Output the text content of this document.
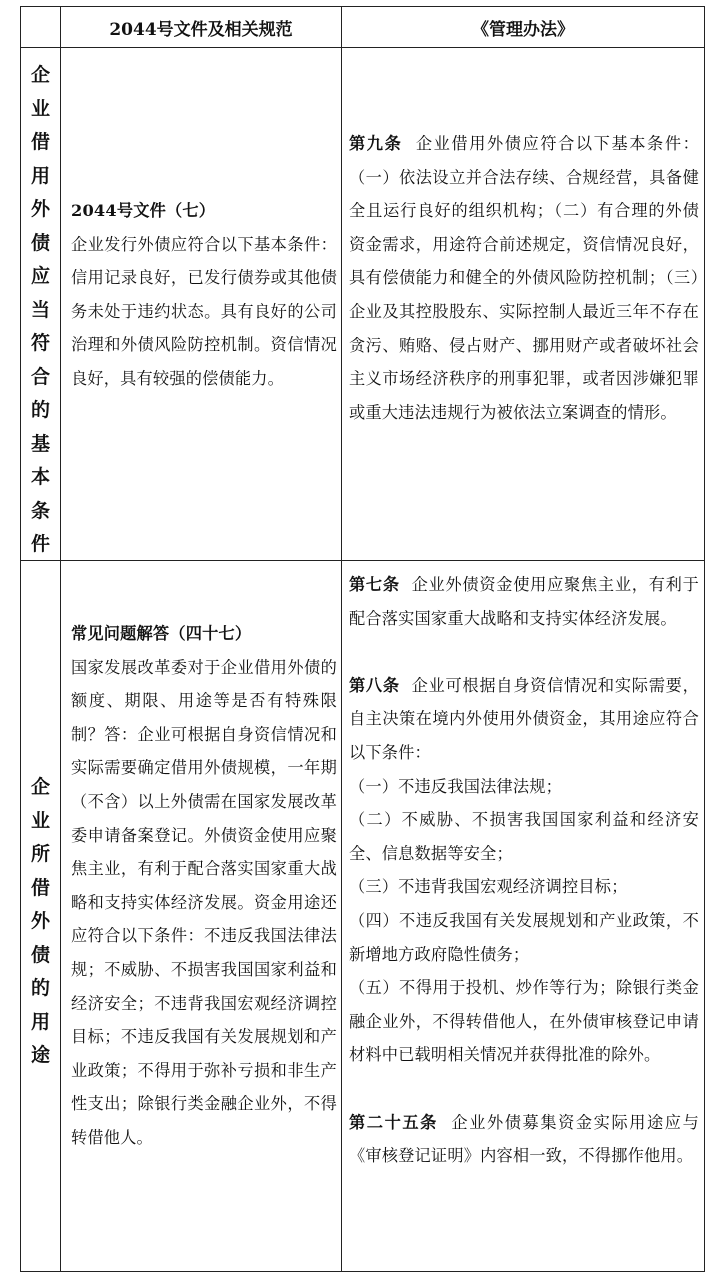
2044号文件及相关规范	《管理办法》
企
业
借
用
外
债
应
当
符
合
的
基
本
条
件

2044号文件（七）

企业发行外债应符合以下基本条件：信用记录良好，已发行债券或其他债务未处于违约状态。具有良好的公司治理和外债风险防控机制。资信情况良好，具有较强的偿债能力。

第九条 企业借用外债应符合以下基本条件：（一）依法设立并合法存续、合规经营，具备健全且运行良好的组织机构；（二）有合理的外债资金需求，用途符合前述规定，资信情况良好，具有偿债能力和健全的外债风险防控机制；（三）企业及其控股股东、实际控制人最近三年不存在贪污、贿赂、侵占财产、挪用财产或者破坏社会主义市场经济秩序的刑事犯罪，或者因涉嫌犯罪或重大违法违规行为被依法立案调查的情形。

企
业
所
借
外
债
的
用
途

常见问题解答（四十七）

国家发展改革委对于企业借用外债的额度、期限、用途等是否有特殊限制？答：企业可根据自身资信情况和实际需要确定借用外债规模，一年期（不含）以上外债需在国家发展改革委申请备案登记。外债资金使用应聚焦主业，有利于配合落实国家重大战略和支持实体经济发展。资金用途还应符合以下条件：不违反我国法律法规；不威胁、不损害我国国家利益和经济安全；不违背我国宏观经济调控目标；不违反我国有关发展规划和产业政策；不得用于弥补亏损和非生产性支出；除银行类金融企业外，不得转借他人。

第七条 企业外债资金使用应聚焦主业，有利于配合落实国家重大战略和支持实体经济发展。

第八条 企业可根据自身资信情况和实际需要，自主决策在境内外使用外债资金，其用途应符合以下条件：

（一）不违反我国法律法规；

（二）不威胁、不损害我国国家利益和经济安全、信息数据等安全；

（三）不违背我国宏观经济调控目标；

（四）不违反我国有关发展规划和产业政策，不新增地方政府隐性债务；

（五）不得用于投机、炒作等行为；除银行类金融企业外，不得转借他人，在外债审核登记申请材料中已载明相关情况并获得批准的除外。

第二十五条 企业外债募集资金实际用途应与《审核登记证明》内容相一致，不得挪作他用。
